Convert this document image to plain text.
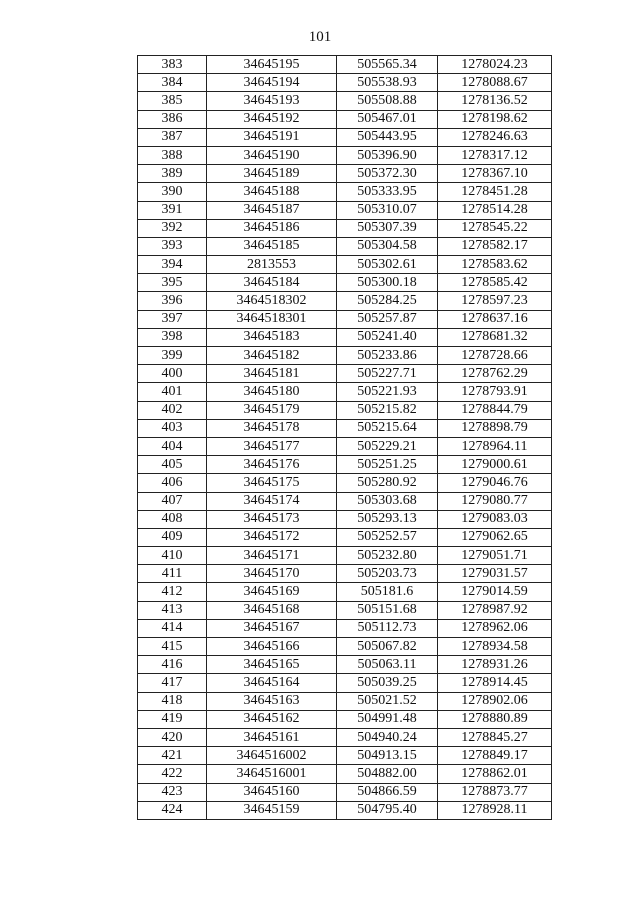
101
383	34645195	505565.34	1278024.23
384	34645194	505538.93	1278088.67
385	34645193	505508.88	1278136.52
386	34645192	505467.01	1278198.62
387	34645191	505443.95	1278246.63
388	34645190	505396.90	1278317.12
389	34645189	505372.30	1278367.10
390	34645188	505333.95	1278451.28
391	34645187	505310.07	1278514.28
392	34645186	505307.39	1278545.22
393	34645185	505304.58	1278582.17
394	2813553	505302.61	1278583.62
395	34645184	505300.18	1278585.42
396	3464518302	505284.25	1278597.23
397	3464518301	505257.87	1278637.16
398	34645183	505241.40	1278681.32
399	34645182	505233.86	1278728.66
400	34645181	505227.71	1278762.29
401	34645180	505221.93	1278793.91
402	34645179	505215.82	1278844.79
403	34645178	505215.64	1278898.79
404	34645177	505229.21	1278964.11
405	34645176	505251.25	1279000.61
406	34645175	505280.92	1279046.76
407	34645174	505303.68	1279080.77
408	34645173	505293.13	1279083.03
409	34645172	505252.57	1279062.65
410	34645171	505232.80	1279051.71
411	34645170	505203.73	1279031.57
412	34645169	505181.6	1279014.59
413	34645168	505151.68	1278987.92
414	34645167	505112.73	1278962.06
415	34645166	505067.82	1278934.58
416	34645165	505063.11	1278931.26
417	34645164	505039.25	1278914.45
418	34645163	505021.52	1278902.06
419	34645162	504991.48	1278880.89
420	34645161	504940.24	1278845.27
421	3464516002	504913.15	1278849.17
422	3464516001	504882.00	1278862.01
423	34645160	504866.59	1278873.77
424	34645159	504795.40	1278928.11
